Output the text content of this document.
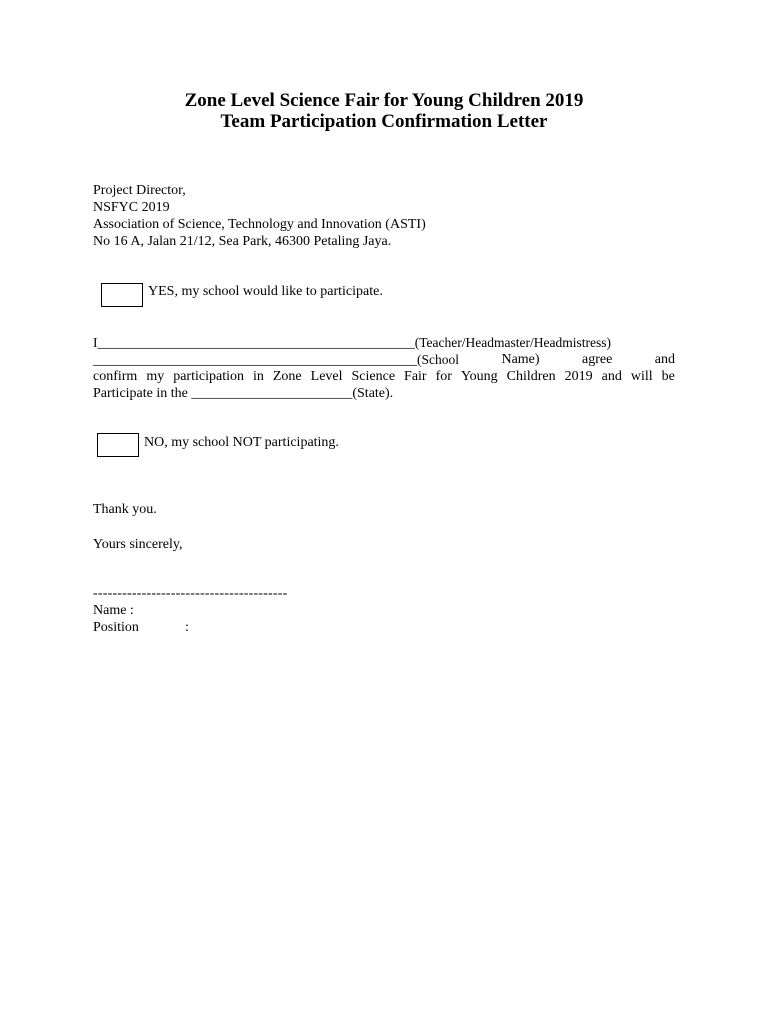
Zone Level Science Fair for Young Children 2019
Team Participation Confirmation Letter
Project Director,
NSFYC 2019
Association of Science, Technology and Innovation (ASTI)
No 16 A, Jalan 21/12, Sea Park, 46300 Petaling Jaya.
YES, my school would like to participate.
I_______________________________________________(Teacher/Headmaster/Headmistress)
________________________________________________(School	Name)	agree	and
confirm my participation in Zone Level Science Fair for Young Children 2019 and will be
Participate in the _______________________(State).
NO, my school NOT participating.
Thank you.
Yours sincerely,
----------------------------------------
Name :
Position	:
